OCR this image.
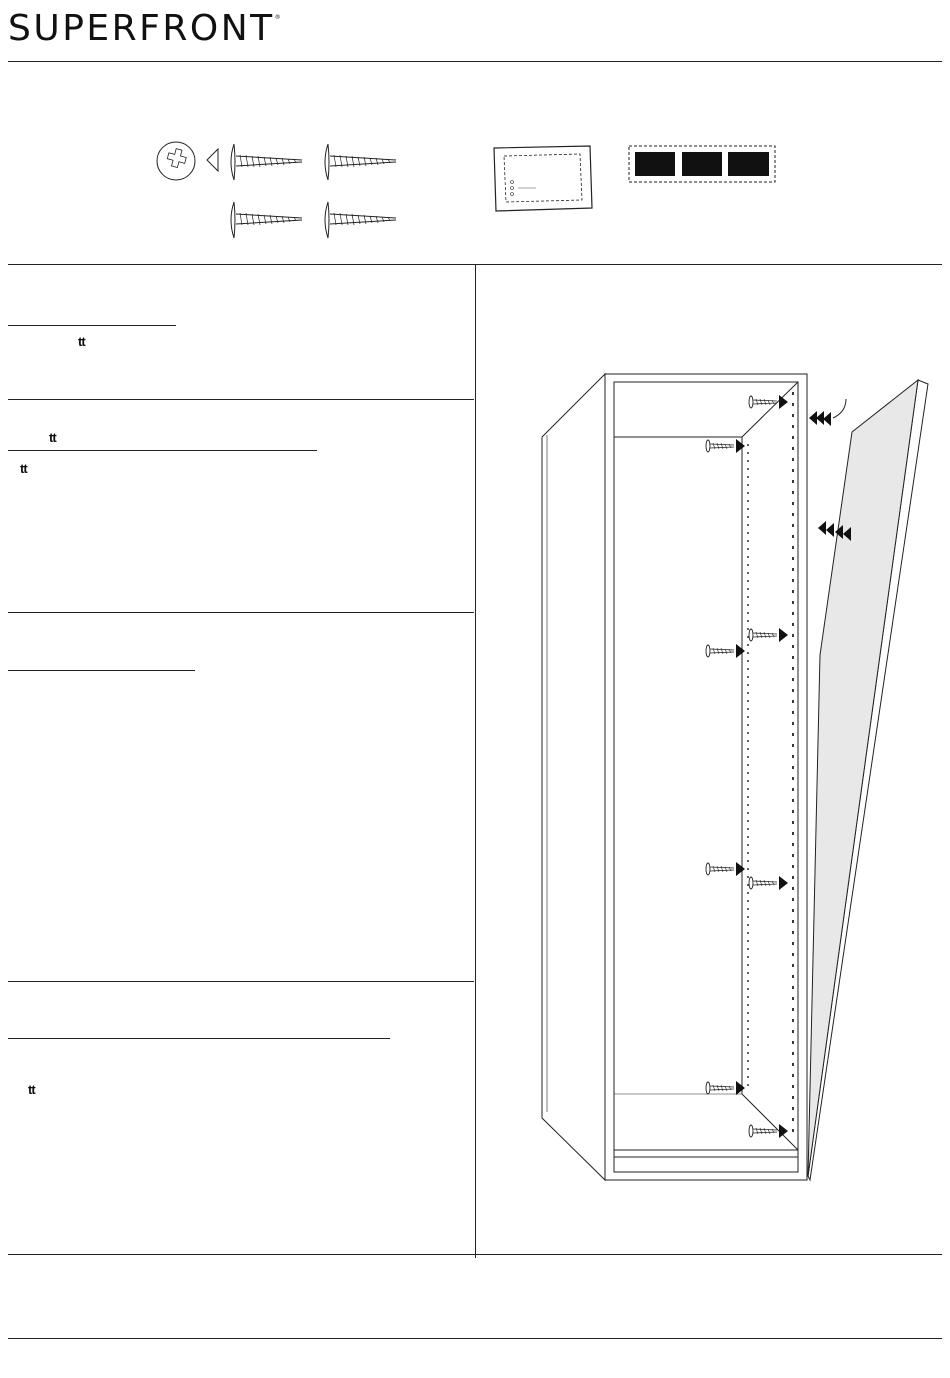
SUPERFRONT®
tt
tt
tt
tt
